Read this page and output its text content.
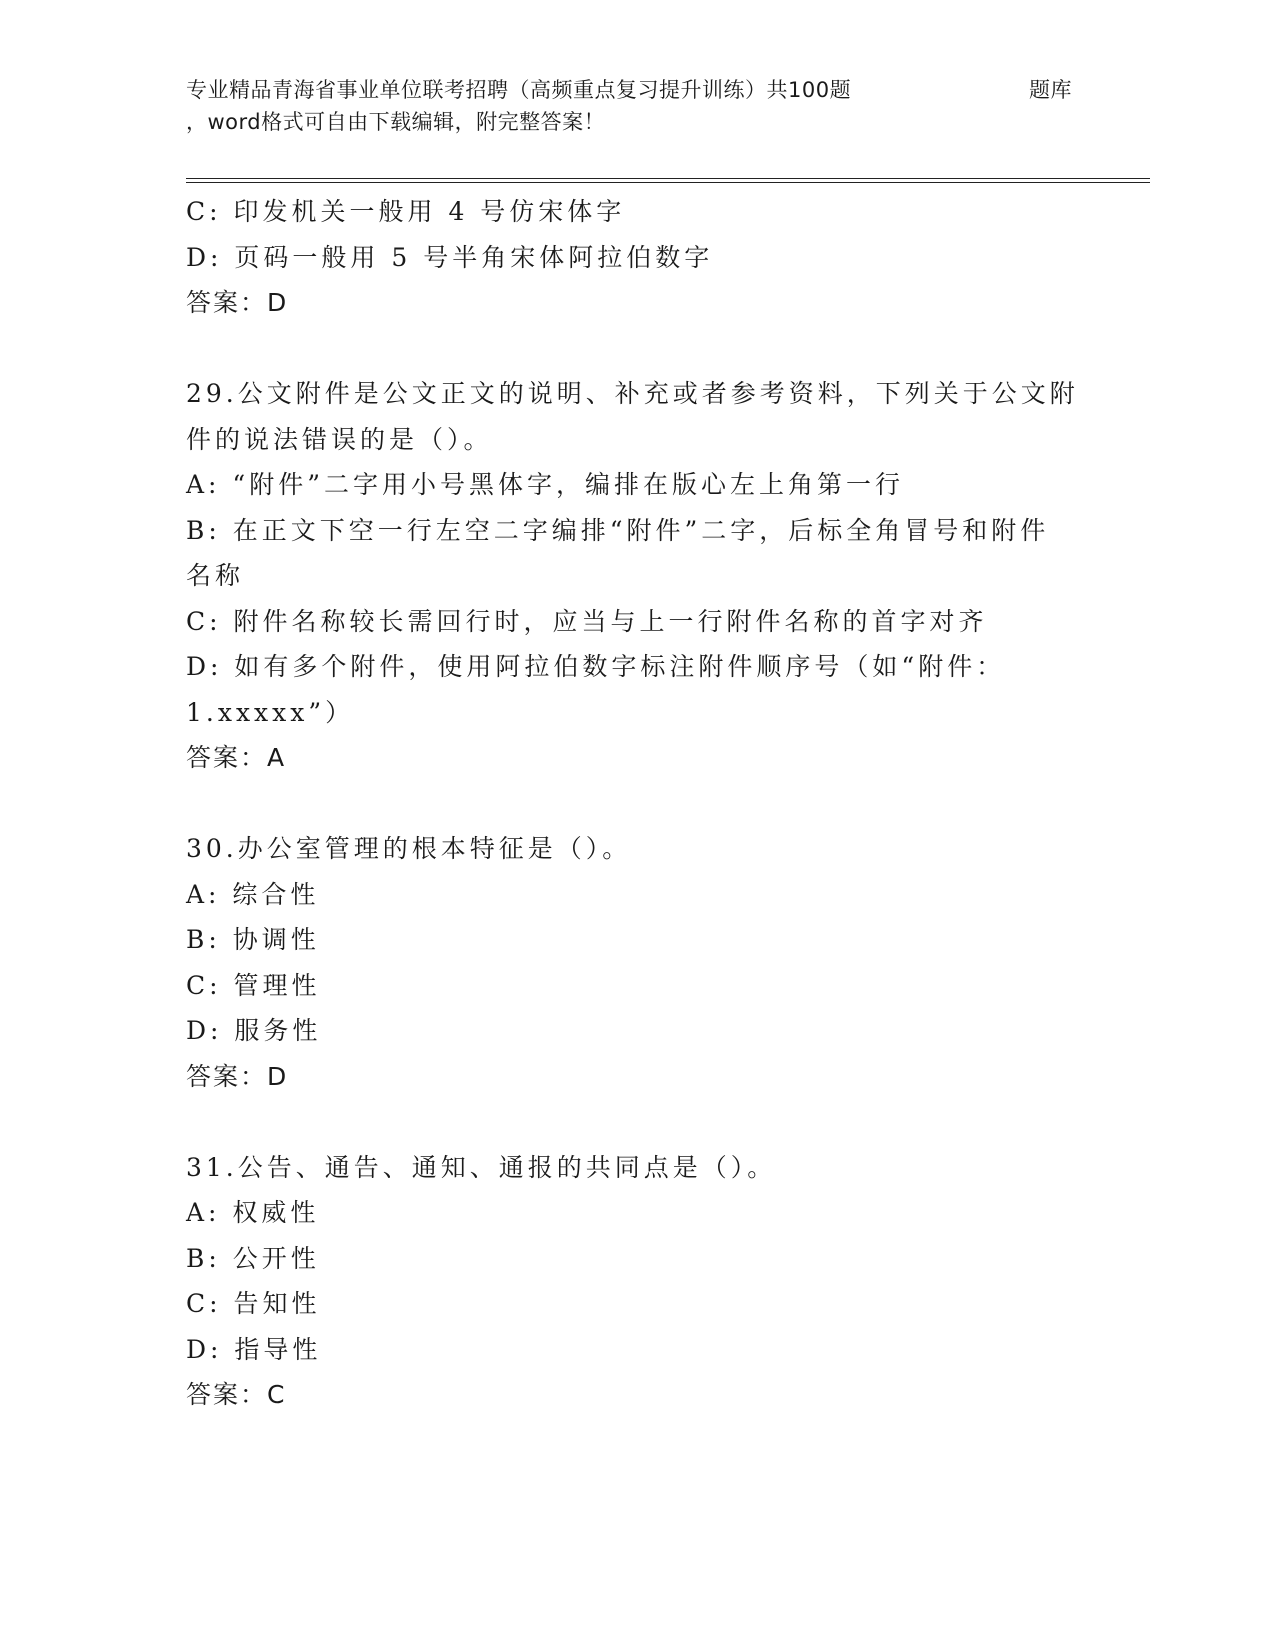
专业精品青海省事业单位联考招聘（高频重点复习提升训练）共100题	题库
，word格式可自由下载编辑，附完整答案！
C: 印发机关一般用 4 号仿宋体字
D: 页码一般用 5 号半角宋体阿拉伯数字
答案：D
29.公文附件是公文正文的说明、补充或者参考资料，下列关于公文附
件的说法错误的是（）。
A: “附件”二字用小号黑体字，编排在版心左上角第一行
B: 在正文下空一行左空二字编排“附件”二字，后标全角冒号和附件
名称
C: 附件名称较长需回行时，应当与上一行附件名称的首字对齐
D: 如有多个附件，使用阿拉伯数字标注附件顺序号（如“附件：
1.xxxxx”）
答案：A
30.办公室管理的根本特征是（）。
A: 综合性
B: 协调性
C: 管理性
D: 服务性
答案：D
31.公告、通告、通知、通报的共同点是（）。
A: 权威性
B: 公开性
C: 告知性
D: 指导性
答案：C
